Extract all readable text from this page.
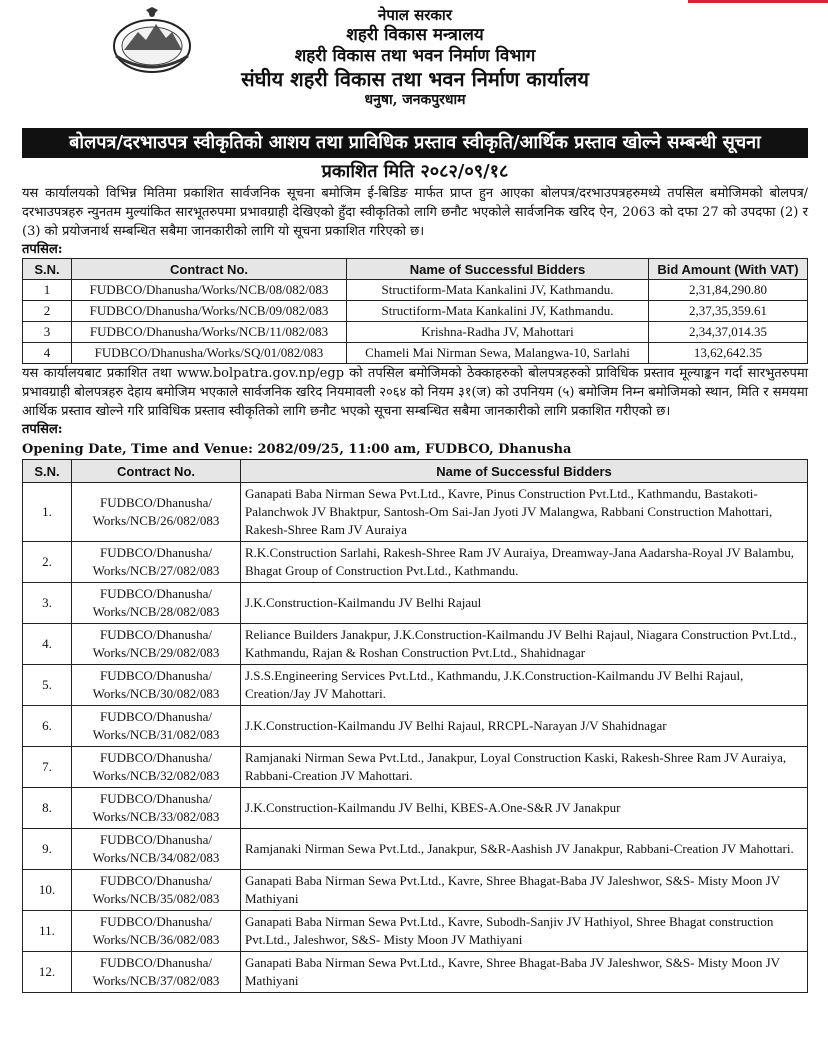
नेपाल सरकार
शहरी विकास मन्त्रालय
शहरी विकास तथा भवन निर्माण विभाग
संघीय शहरी विकास तथा भवन निर्माण कार्यालय
धनुषा, जनकपुरधाम
बोलपत्र/दरभाउपत्र स्वीकृतिको आशय तथा प्राविधिक प्रस्ताव स्वीकृति/आर्थिक प्रस्ताव खोल्ने सम्बन्धी सूचना
प्रकाशित मिति २०८२/०९/१८
यस कार्यालयको विभिन्न मितिमा प्रकाशित सार्वजनिक सूचना बमोजिम ई-बिडिङ मार्फत प्राप्त हुन आएका बोलपत्र/दरभाउपत्रहरुमध्ये तपसिल बमोजिमको बोलपत्र/ दरभाउपत्रहरु न्युनतम मुल्यांकित सारभूतरुपमा प्रभावग्राही देखिएको हुँदा स्वीकृतिको लागि छनौट भएकोले सार्वजनिक खरिद ऐन, 2063 को दफा 27 को उपदफा (2) र (3) को प्रयोजनार्थ सम्बन्धित सबैमा जानकारीको लागि यो सूचना प्रकाशित गरिएको छ।
तपसिल:
S.N.	Contract No.	Name of Successful Bidders	Bid Amount (With VAT)
1	FUDBCO/Dhanusha/Works/NCB/08/082/083	Structiform-Mata Kankalini JV, Kathmandu.	2,31,84,290.80
2	FUDBCO/Dhanusha/Works/NCB/09/082/083	Structiform-Mata Kankalini JV, Kathmandu.	2,37,35,359.61
3	FUDBCO/Dhanusha/Works/NCB/11/082/083	Krishna-Radha JV, Mahottari	2,34,37,014.35
4	FUDBCO/Dhanusha/Works/SQ/01/082/083	Chameli Mai Nirman Sewa, Malangwa-10, Sarlahi	13,62,642.35
यस कार्यालयबाट प्रकाशित तथा www.bolpatra.gov.np/egp को तपसिल बमोजिमको ठेक्काहरुको बोलपत्रहरुको प्राविधिक प्रस्ताव मूल्याङ्कन गर्दा सारभुतरुपमा प्रभावग्राही बोलपत्रहरु देहाय बमोजिम भएकाले सार्वजनिक खरिद नियमावली २०६४ को नियम ३१(ज) को उपनियम (५) बमोजिम निम्न बमोजिमको स्थान, मिति र समयमा आर्थिक प्रस्ताव खोल्ने गरि प्राविधिक प्रस्ताव स्वीकृतिको लागि छनौट भएको सूचना सम्बन्धित सबैमा जानकारीको लागि प्रकाशित गरीएको छ।
तपसिल:
Opening Date, Time and Venue: 2082/09/25, 11:00 am, FUDBCO, Dhanusha
S.N.	Contract No.	Name of Successful Bidders
1.	FUDBCO/Dhanusha/ Works/NCB/26/082/083	Ganapati Baba Nirman Sewa Pvt.Ltd., Kavre, Pinus Construction Pvt.Ltd., Kathmandu, Bastakoti-Palanchwok JV Bhaktpur, Santosh-Om Sai-Jan Jyoti JV Malangwa, Rabbani Construction Mahottari, Rakesh-Shree Ram JV Auraiya
2.	FUDBCO/Dhanusha/ Works/NCB/27/082/083	R.K.Construction Sarlahi, Rakesh-Shree Ram JV Auraiya, Dreamway-Jana Aadarsha-Royal JV Balambu, Bhagat Group of Construction Pvt.Ltd., Kathmandu.
3.	FUDBCO/Dhanusha/ Works/NCB/28/082/083	J.K.Construction-Kailmandu JV Belhi Rajaul
4.	FUDBCO/Dhanusha/ Works/NCB/29/082/083	Reliance Builders Janakpur, J.K.Construction-Kailmandu JV Belhi Rajaul, Niagara Construction Pvt.Ltd., Kathmandu, Rajan & Roshan Construction Pvt.Ltd., Shahidnagar
5.	FUDBCO/Dhanusha/ Works/NCB/30/082/083	J.S.S.Engineering Services Pvt.Ltd., Kathmandu, J.K.Construction-Kailmandu JV Belhi Rajaul, Creation/Jay JV Mahottari.
6.	FUDBCO/Dhanusha/ Works/NCB/31/082/083	J.K.Construction-Kailmandu JV Belhi Rajaul, RRCPL-Narayan J/V Shahidnagar
7.	FUDBCO/Dhanusha/ Works/NCB/32/082/083	Ramjanaki Nirman Sewa Pvt.Ltd., Janakpur, Loyal Construction Kaski, Rakesh-Shree Ram JV Auraiya, Rabbani-Creation JV Mahottari.
8.	FUDBCO/Dhanusha/ Works/NCB/33/082/083	J.K.Construction-Kailmandu JV Belhi, KBES-A.One-S&R JV Janakpur
9.	FUDBCO/Dhanusha/ Works/NCB/34/082/083	Ramjanaki Nirman Sewa Pvt.Ltd., Janakpur, S&R-Aashish JV Janakpur, Rabbani-Creation JV Mahottari.
10.	FUDBCO/Dhanusha/ Works/NCB/35/082/083	Ganapati Baba Nirman Sewa Pvt.Ltd., Kavre, Shree Bhagat-Baba JV Jaleshwor, S&S- Misty Moon JV Mathiyani
11.	FUDBCO/Dhanusha/ Works/NCB/36/082/083	Ganapati Baba Nirman Sewa Pvt.Ltd., Kavre, Subodh-Sanjiv JV Hathiyol, Shree Bhagat construction Pvt.Ltd., Jaleshwor, S&S- Misty Moon JV Mathiyani
12.	FUDBCO/Dhanusha/ Works/NCB/37/082/083	Ganapati Baba Nirman Sewa Pvt.Ltd., Kavre, Shree Bhagat-Baba JV Jaleshwor, S&S- Misty Moon JV Mathiyani
